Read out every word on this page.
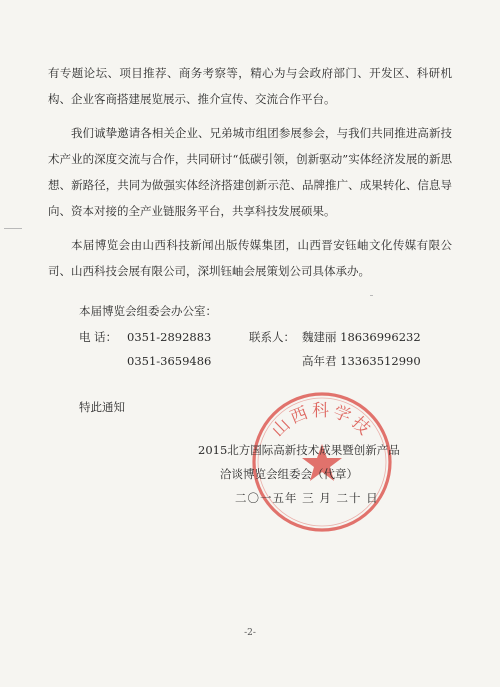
有专题论坛、项目推荐、商务考察等，精心为与会政府部门、开发区、科研机构、企业客商搭建展览展示、推介宣传、交流合作平台。
我们诚挚邀请各相关企业、兄弟城市组团参展参会，与我们共同推进高新技术产业的深度交流与合作，共同研讨“低碳引领，创新驱动”实体经济发展的新思想、新路径，共同为做强实体经济搭建创新示范、品牌推广、成果转化、信息导向、资本对接的全产业链服务平台，共享科技发展硕果。
本届博览会由山西科技新闻出版传媒集团，山西晋安钰岫文化传媒有限公司、山西科技会展有限公司，深圳钰岫会展策划公司具体承办。
本届博览会组委会办公室：
电 话： 0351-2892883	联系人： 魏建丽 18636996232
0351-3659486	高年君 13363512990
特此通知
山西科学技
2015北方国际高新技术成果暨创新产品
洽谈博览会组委会（代章）
二〇一五年 三 月 二十 日
-2-
